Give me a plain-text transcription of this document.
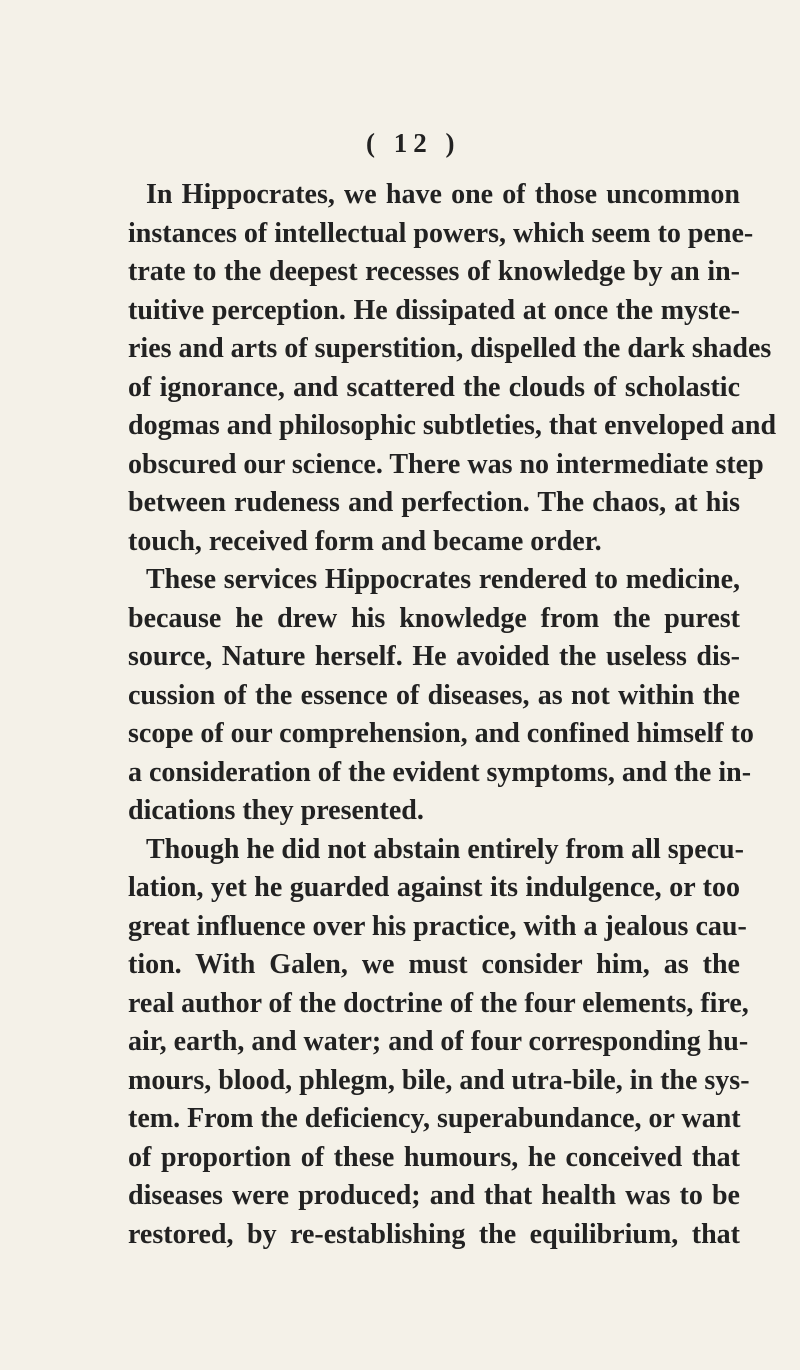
( 12 )
In Hippocrates, we have one of those uncommon
instances of intellectual powers, which seem to pene-
trate to the deepest recesses of knowledge by an in-
tuitive perception. He dissipated at once the myste-
ries and arts of superstition, dispelled the dark shades
of ignorance, and scattered the clouds of scholastic
dogmas and philosophic subtleties, that enveloped and
obscured our science. There was no intermediate step
between rudeness and perfection. The chaos, at his
touch, received form and became order.
These services Hippocrates rendered to medicine,
because he drew his knowledge from the purest
source, Nature herself. He avoided the useless dis-
cussion of the essence of diseases, as not within the
scope of our comprehension, and confined himself to
a consideration of the evident symptoms, and the in-
dications they presented.
Though he did not abstain entirely from all specu-
lation, yet he guarded against its indulgence, or too
great influence over his practice, with a jealous cau-
tion. With Galen, we must consider him, as the
real author of the doctrine of the four elements, fire,
air, earth, and water; and of four corresponding hu-
mours, blood, phlegm, bile, and utra-bile, in the sys-
tem. From the deficiency, superabundance, or want
of proportion of these humours, he conceived that
diseases were produced; and that health was to be
restored, by re-establishing the equilibrium, that
